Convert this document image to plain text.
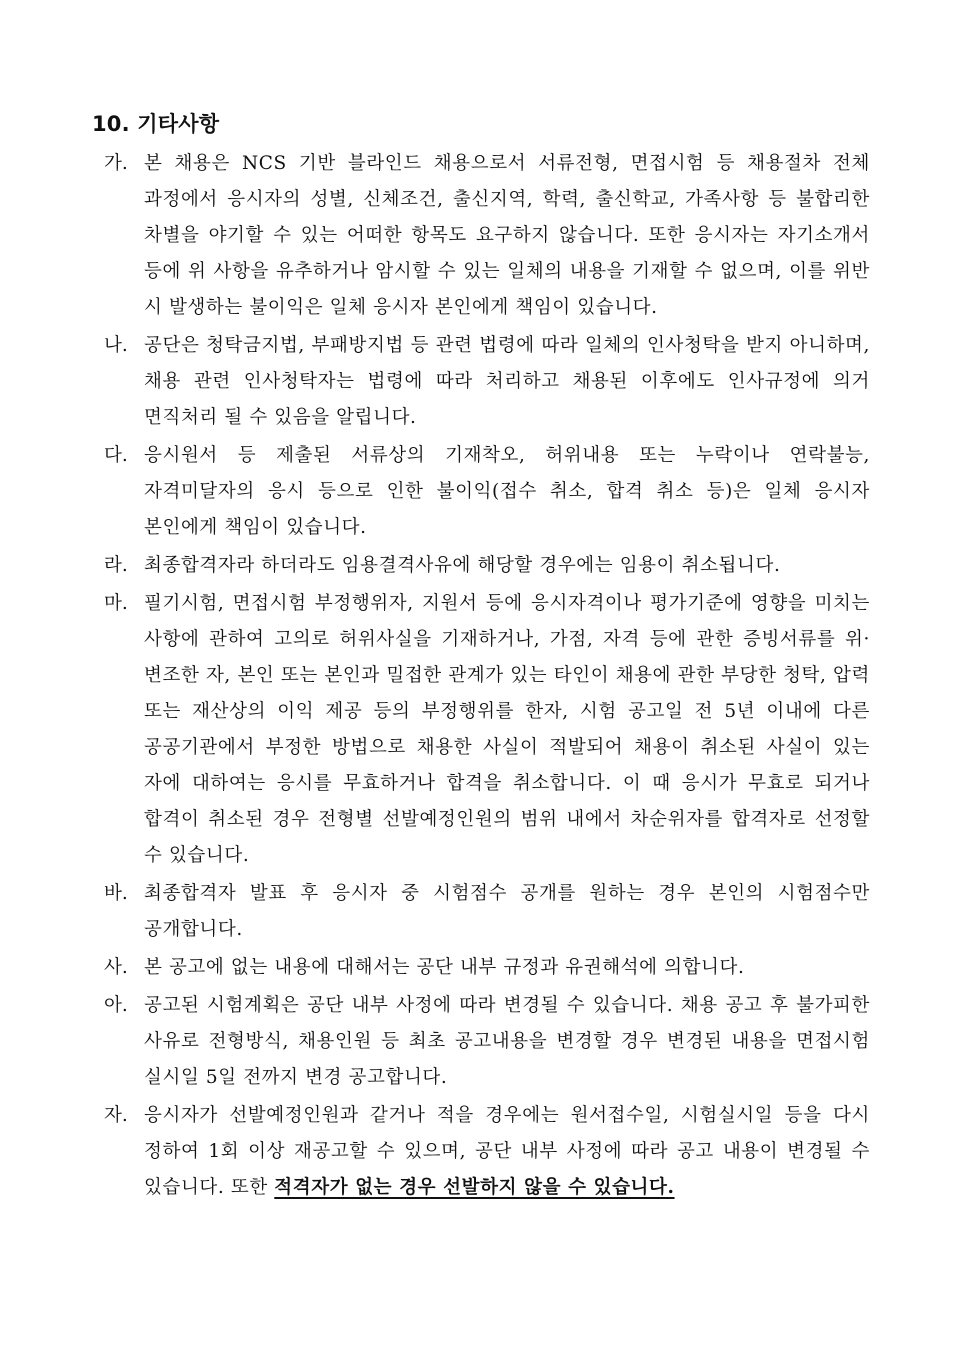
10. 기타사항
가. 본 채용은 NCS 기반 블라인드 채용으로서 서류전형, 면접시험 등 채용절차 전체 과정에서 응시자의 성별, 신체조건, 출신지역, 학력, 출신학교, 가족사항 등 불합리한 차별을 야기할 수 있는 어떠한 항목도 요구하지 않습니다. 또한 응시자는 자기소개서 등에 위 사항을 유추하거나 암시할 수 있는 일체의 내용을 기재할 수 없으며, 이를 위반 시 발생하는 불이익은 일체 응시자 본인에게 책임이 있습니다.
나. 공단은 청탁금지법, 부패방지법 등 관련 법령에 따라 일체의 인사청탁을 받지 아니하며, 채용 관련 인사청탁자는 법령에 따라 처리하고 채용된 이후에도 인사규정에 의거 면직처리 될 수 있음을 알립니다.
다. 응시원서 등 제출된 서류상의 기재착오, 허위내용 또는 누락이나 연락불능, 자격미달자의 응시 등으로 인한 불이익(접수 취소, 합격 취소 등)은 일체 응시자 본인에게 책임이 있습니다.
라. 최종합격자라 하더라도 임용결격사유에 해당할 경우에는 임용이 취소됩니다.
마. 필기시험, 면접시험 부정행위자, 지원서 등에 응시자격이나 평가기준에 영향을 미치는 사항에 관하여 고의로 허위사실을 기재하거나, 가점, 자격 등에 관한 증빙서류를 위·변조한 자, 본인 또는 본인과 밀접한 관계가 있는 타인이 채용에 관한 부당한 청탁, 압력 또는 재산상의 이익 제공 등의 부정행위를 한자, 시험 공고일 전 5년 이내에 다른 공공기관에서 부정한 방법으로 채용한 사실이 적발되어 채용이 취소된 사실이 있는 자에 대하여는 응시를 무효하거나 합격을 취소합니다. 이 때 응시가 무효로 되거나 합격이 취소된 경우 전형별 선발예정인원의 범위 내에서 차순위자를 합격자로 선정할 수 있습니다.
바. 최종합격자 발표 후 응시자 중 시험점수 공개를 원하는 경우 본인의 시험점수만 공개합니다.
사. 본 공고에 없는 내용에 대해서는 공단 내부 규정과 유권해석에 의합니다.
아. 공고된 시험계획은 공단 내부 사정에 따라 변경될 수 있습니다. 채용 공고 후 불가피한 사유로 전형방식, 채용인원 등 최초 공고내용을 변경할 경우 변경된 내용을 면접시험 실시일 5일 전까지 변경 공고합니다.
자. 응시자가 선발예정인원과 같거나 적을 경우에는 원서접수일, 시험실시일 등을 다시 정하여 1회 이상 재공고할 수 있으며, 공단 내부 사정에 따라 공고 내용이 변경될 수 있습니다. 또한 적격자가 없는 경우 선발하지 않을 수 있습니다.
